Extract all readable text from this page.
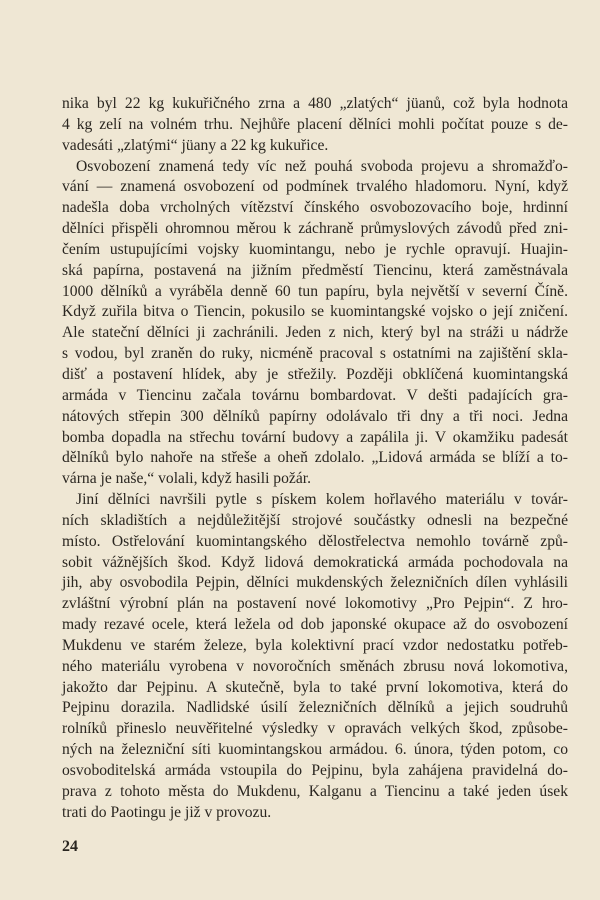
nika byl 22 kg kukuřičného zrna a 480 „zlatých“ jüanů, což byla hodnota
4 kg zelí na volném trhu. Nejhůře placení dělníci mohli počítat pouze s de-
vadesáti „zlatými“ jüany a 22 kg kukuřice.
Osvobození znamená tedy víc než pouhá svoboda projevu a shromažďo-
vání — znamená osvobození od podmínek trvalého hladomoru. Nyní, když
nadešla doba vrcholných vítězství čínského osvobozovacího boje, hrdinní
dělníci přispěli ohromnou měrou k záchraně průmyslových závodů před zni-
čením ustupujícími vojsky kuomintangu, nebo je rychle opravují. Huajin-
ská papírna, postavená na jižním předměstí Tiencinu, která zaměstnávala
1000 dělníků a vyráběla denně 60 tun papíru, byla největší v severní Číně.
Když zuřila bitva o Tiencin, pokusilo se kuomintangské vojsko o její zničení.
Ale stateční dělníci ji zachránili. Jeden z nich, který byl na stráži u nádrže
s vodou, byl zraněn do ruky, nicméně pracoval s ostatními na zajištění skla-
dišť a postavení hlídek, aby je střežily. Později obklíčená kuomintangská
armáda v Tiencinu začala továrnu bombardovat. V dešti padajících gra-
nátových střepin 300 dělníků papírny odolávalo tři dny a tři noci. Jedna
bomba dopadla na střechu tovární budovy a zapálila ji. V okamžiku padesát
dělníků bylo nahoře na střeše a oheň zdolalo. „Lidová armáda se blíží a to-
várna je naše,“ volali, když hasili požár.
Jiní dělníci navršili pytle s pískem kolem hořlavého materiálu v továr-
ních skladištích a nejdůležitější strojové součástky odnesli na bezpečné
místo. Ostřelování kuomintangského dělostřelectva nemohlo továrně způ-
sobit vážnějších škod. Když lidová demokratická armáda pochodovala na
jih, aby osvobodila Pejpin, dělníci mukdenských železničních dílen vyhlásili
zvláštní výrobní plán na postavení nové lokomotivy „Pro Pejpin“. Z hro-
mady rezavé ocele, která ležela od dob japonské okupace až do osvobození
Mukdenu ve starém železe, byla kolektivní prací vzdor nedostatku potřeb-
ného materiálu vyrobena v novoročních směnách zbrusu nová lokomotiva,
jakožto dar Pejpinu. A skutečně, byla to také první lokomotiva, která do
Pejpinu dorazila. Nadlidské úsilí železničních dělníků a jejich soudruhů
rolníků přineslo neuvěřitelné výsledky v opravách velkých škod, způsobe-
ných na železniční síti kuomintangskou armádou. 6. února, týden potom, co
osvoboditelská armáda vstoupila do Pejpinu, byla zahájena pravidelná do-
prava z tohoto města do Mukdenu, Kalganu a Tiencinu a také jeden úsek
trati do Paotingu je již v provozu.
24
